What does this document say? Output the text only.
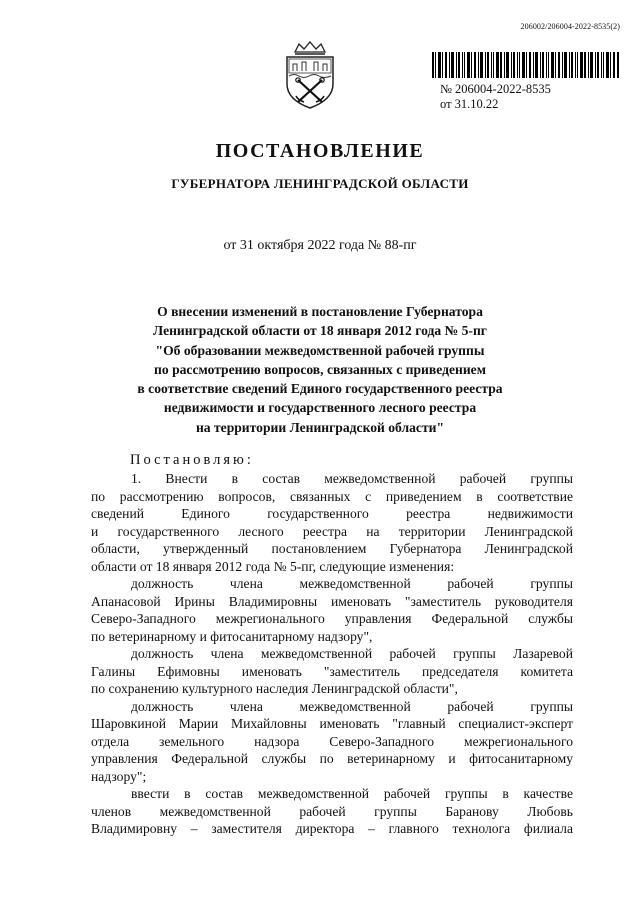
206002/206004-2022-8535(2)
№ 206004-2022-8535
от 31.10.22
ПОСТАНОВЛЕНИЕ
ГУБЕРНАТОРА ЛЕНИНГРАДСКОЙ ОБЛАСТИ
от 31 октября 2022 года № 88-пг
О внесении изменений в постановление Губернатора
Ленинградской области от 18 января 2012 года № 5-пг
"Об образовании межведомственной рабочей группы
по рассмотрению вопросов, связанных с приведением
в соответствие сведений Единого государственного реестра
недвижимости и государственного лесного реестра
на территории Ленинградской области"
Постановляю:

1. Внести в состав межведомственной рабочей группы

по рассмотрению вопросов, связанных с приведением в соответствие

сведений Единого государственного реестра недвижимости

и государственного лесного реестра на территории Ленинградской

области, утвержденный постановлением Губернатора Ленинградской

области от 18 января 2012 года № 5-пг, следующие изменения:

должность члена межведомственной рабочей группы

Апанасовой Ирины Владимировны именовать "заместитель руководителя

Северо-Западного межрегионального управления Федеральной службы

по ветеринарному и фитосанитарному надзору",

должность члена межведомственной рабочей группы Лазаревой

Галины Ефимовны именовать "заместитель председателя комитета

по сохранению культурного наследия Ленинградской области",

должность члена межведомственной рабочей группы

Шаровкиной Марии Михайловны именовать "главный специалист-эксперт

отдела земельного надзора Северо-Западного межрегионального

управления Федеральной службы по ветеринарному и фитосанитарному

надзору";

ввести в состав межведомственной рабочей группы в качестве

членов межведомственной рабочей группы Баранову Любовь

Владимировну – заместителя директора – главного технолога филиала
